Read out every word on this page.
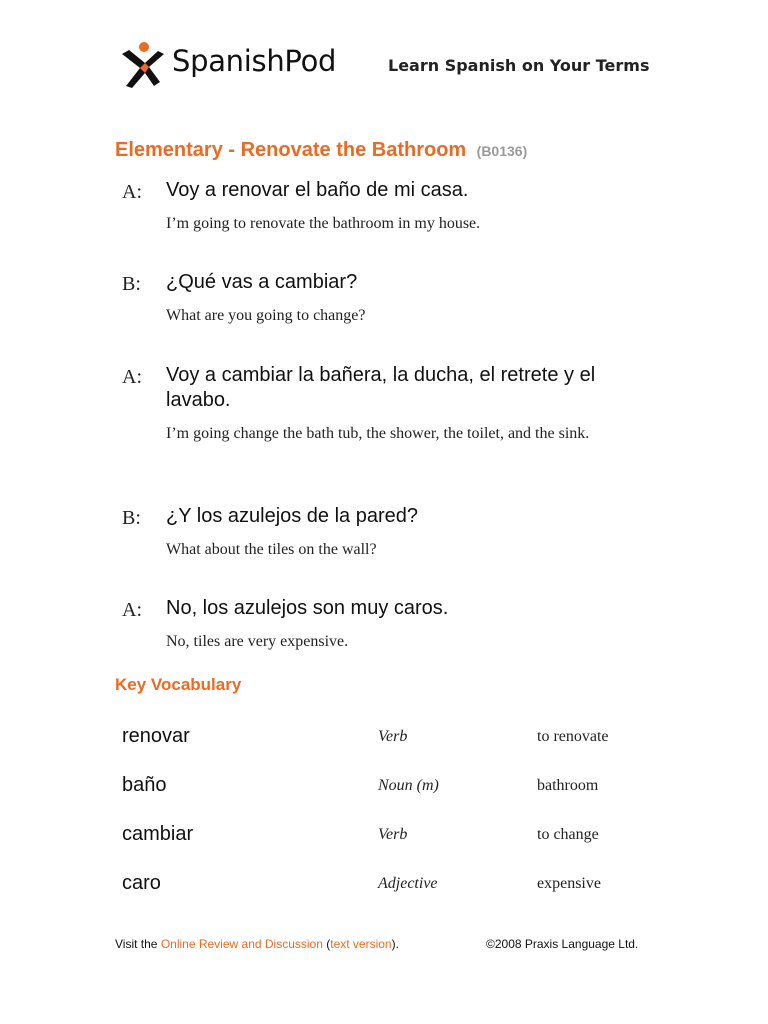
SpanishPod	Learn Spanish on Your Terms
Elementary - Renovate the Bathroom (B0136)
A: Voy a renovar el baño de mi casa.
I’m going to renovate the bathroom in my house.
B: ¿Qué vas a cambiar?
What are you going to change?
A: Voy a cambiar la bañera, la ducha, el retrete y el lavabo.
I’m going change the bath tub, the shower, the toilet, and the sink.
B: ¿Y los azulejos de la pared?
What about the tiles on the wall?
A: No, los azulejos son muy caros.
No, tiles are very expensive.
Key Vocabulary
renovar	Verb	to renovate
baño	Noun (m)	bathroom
cambiar	Verb	to change
caro	Adjective	expensive
Visit the Online Review and Discussion (text version).	©2008 Praxis Language Ltd.
